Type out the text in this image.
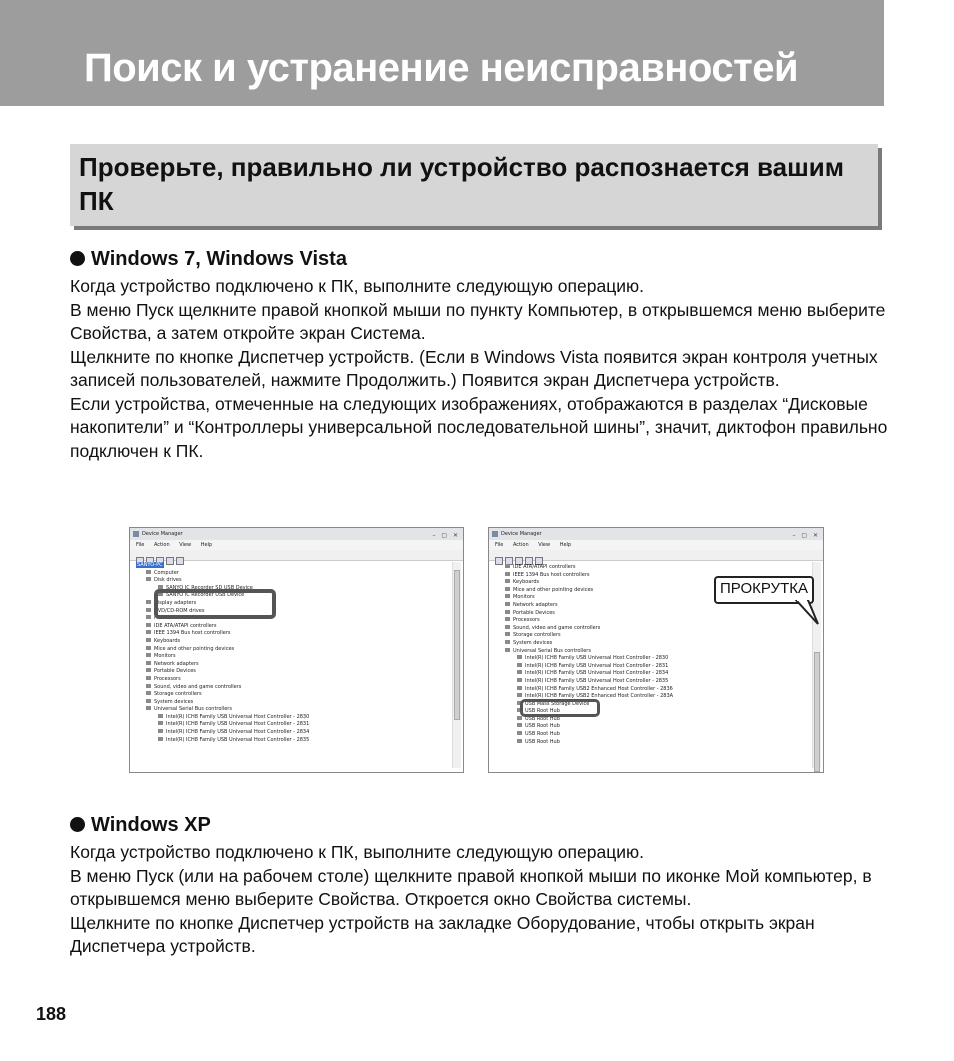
Поиск и устранение неисправностей
Проверьте, правильно ли устройство распознается вашим ПК
Windows 7, Windows Vista

Когда устройство подключено к ПК, выполните следующую операцию.

В меню Пуск щелкните правой кнопкой мыши по пункту Компьютер, в открывшемся меню выберите Свойства, а затем откройте экран Система.

Щелкните по кнопке Диспетчер устройств. (Если в Windows Vista появится экран контроля учетных записей пользователей, нажмите Продолжить.) Появится экран Диспетчера устройств.

Если устройства, отмеченные на следующих изображениях, отображаются в разделах “Дисковые накопители” и “Контроллеры универсальной последовательной шины”, значит, диктофон правильно подключен к ПК.

Device Manager	– ▢ ✕
File Action View Help
SANYO-PC
Computer
Disk drives
SANYO IC Recorder SD USB Device
SANYO IC Recorder USB Device
Display adapters
DVD/CD-ROM drives
Human Interface Devices
IDE ATA/ATAPI controllers
IEEE 1394 Bus host controllers
Keyboards
Mice and other pointing devices
Monitors
Network adapters
Portable Devices
Processors
Sound, video and game controllers
Storage controllers
System devices
Universal Serial Bus controllers
Intel(R) ICH8 Family USB Universal Host Controller - 2830
Intel(R) ICH8 Family USB Universal Host Controller - 2831
Intel(R) ICH8 Family USB Universal Host Controller - 2834
Intel(R) ICH8 Family USB Universal Host Controller - 2835
Device Manager	– ▢ ✕
File Action View Help
IDE ATA/ATAPI controllers
IEEE 1394 Bus host controllers
Keyboards
Mice and other pointing devices
Monitors
Network adapters
Portable Devices
Processors
Sound, video and game controllers
Storage controllers
System devices
Universal Serial Bus controllers
Intel(R) ICH8 Family USB Universal Host Controller - 2830
Intel(R) ICH8 Family USB Universal Host Controller - 2831
Intel(R) ICH8 Family USB Universal Host Controller - 2834
Intel(R) ICH8 Family USB Universal Host Controller - 2835
Intel(R) ICH8 Family USB2 Enhanced Host Controller - 2836
Intel(R) ICH8 Family USB2 Enhanced Host Controller - 283A
USB Mass Storage Device
USB Root Hub
USB Root Hub
USB Root Hub
USB Root Hub
USB Root Hub
ПРОКРУТКА
Windows XP

Когда устройство подключено к ПК, выполните следующую операцию.

В меню Пуск (или на рабочем столе) щелкните правой кнопкой мыши по иконке Мой компьютер, в открывшемся меню выберите Свойства. Откроется окно Свойства системы.

Щелкните по кнопке Диспетчер устройств на закладке Оборудование, чтобы открыть экран Диспетчера устройств.

188
